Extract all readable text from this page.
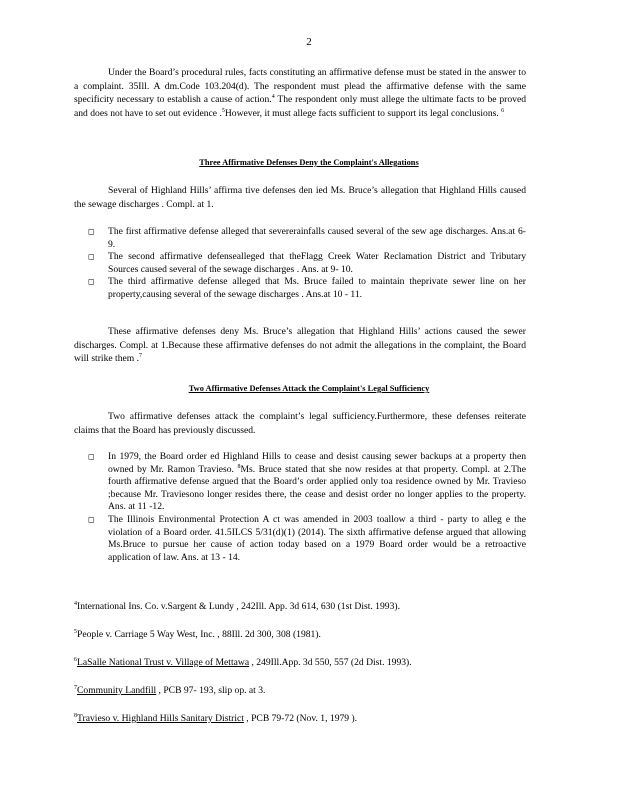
2

Under the Board’s procedural rules, facts constituting an affirmative defense must be stated in the answer to a complaint. 35Ill. A dm.Code 103.204(d). The respondent must plead the affirmative defense with the same specificity necessary to establish a cause of action.$^4$ The respondent only must allege the ultimate facts to be proved and does not have to set out evidence .$^5$However, it must allege facts sufficient to support its legal conclusions. $^6$

Three Affirmative Defenses Deny the Complaint's Allegations

Several of Highland Hills’ affirma tive defenses den ied Ms. Bruce’s allegation that Highland Hills caused the sewage discharges . Compl. at 1.

◻ The first affirmative defense alleged that severerainfalls caused several of the sew age discharges. Ans.at 6- 9.
◻ The second affirmative defensealleged that theFlagg Creek Water Reclamation District and Tributary Sources caused several of the sewage discharges . Ans. at 9- 10.
◻ The third affirmative defense alleged that Ms. Bruce failed to maintain theprivate sewer line on her property,causing several of the sewage discharges . Ans.at 10 - 11.

These affirmative defenses deny Ms. Bruce’s allegation that Highland Hills’ actions caused the sewer discharges. Compl. at 1.Because these affirmative defenses do not admit the allegations in the complaint, the Board will strike them .$^7$

Two Affirmative Defenses Attack the Complaint's Legal Sufficiency

Two affirmative defenses attack the complaint’s legal sufficiency.Furthermore, these defenses reiterate claims that the Board has previously discussed.

◻ In 1979, the Board order ed Highland Hills to cease and desist causing sewer backups at a property then owned by Mr. Ramon Travieso. $^8$Ms. Bruce stated that she now resides at that property. Compl. at 2.The fourth affirmative defense argued that the Board’s order applied only toa residence owned by Mr. Travieso ;because Mr. Traviesono longer resides there, the cease and desist order no longer applies to the property. Ans. at 11 -12.
◻ The Illinois Environmental Protection A ct was amended in 2003 toallow a third - party to alleg e the violation of a Board order. 41.5ILCS 5/31(d)(1) (2014). The sixth affirmative defense argued that allowing Ms.Bruce to pursue her cause of action today based on a 1979 Board order would be a retroactive application of law. Ans. at 13 - 14.
$^4$International Ins. Co. v.Sargent & Lundy , 242Ill. App. 3d 614, 630 (1st Dist. 1993).
$^5$People v. Carriage 5 Way West, Inc. , 88Ill. 2d 300, 308 (1981).
$^6$LaSalle National Trust v. Village of Mettawa , 249Ill.App. 3d 550, 557 (2d Dist. 1993).
$^7$Community Landfill , PCB 97- 193, slip op. at 3.
$^8$Travieso v. Highland Hills Sanitary District , PCB 79-72 (Nov. 1, 1979 ).
